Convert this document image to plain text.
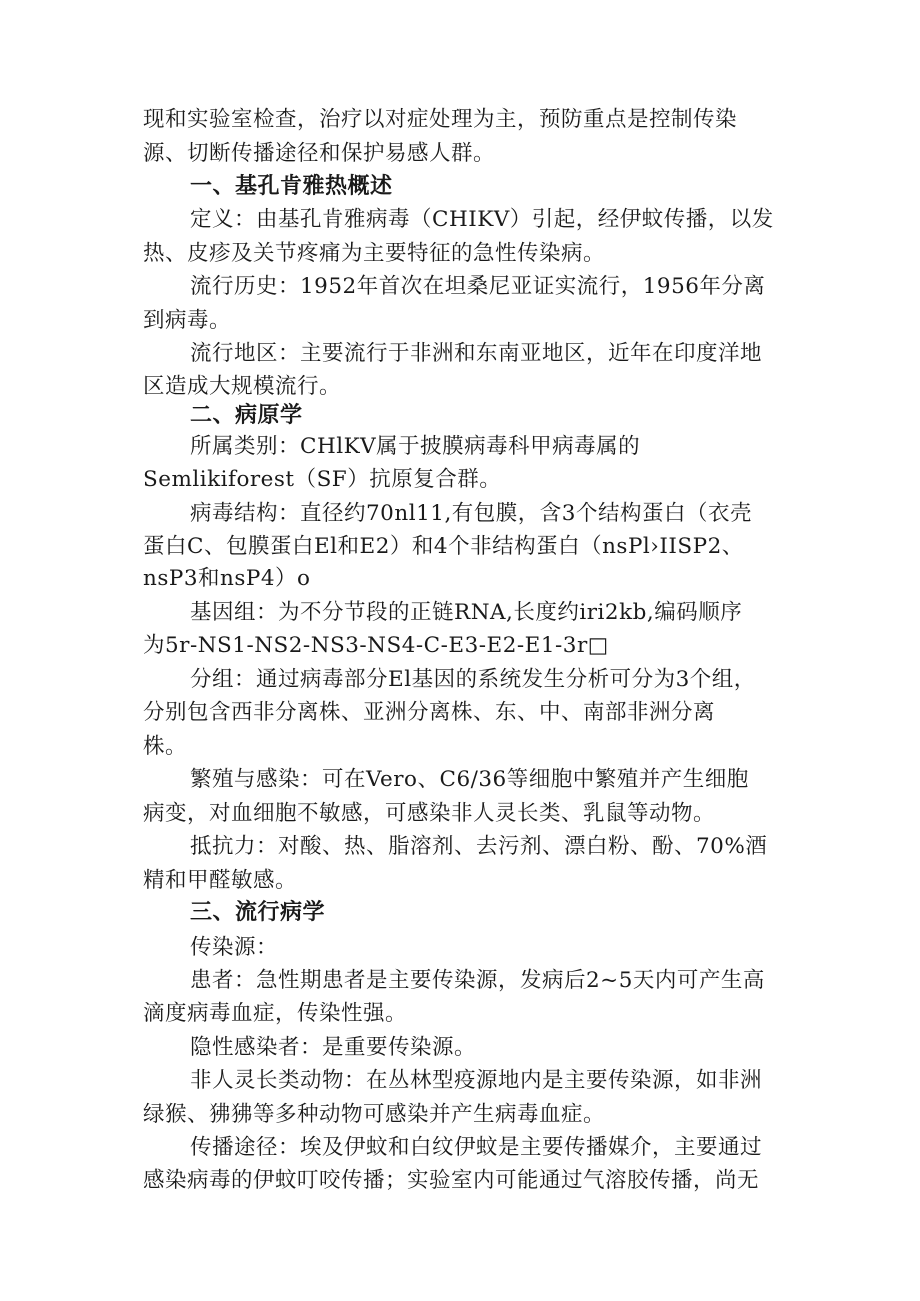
现和实验室检查，治疗以对症处理为主，预防重点是控制传染
源、切断传播途径和保护易感人群。
一、基孔肯雅热概述
定义：由基孔肯雅病毒（CHIKV）引起，经伊蚊传播，以发
热、皮疹及关节疼痛为主要特征的急性传染病。
流行历史：1952年首次在坦桑尼亚证实流行，1956年分离
到病毒。
流行地区：主要流行于非洲和东南亚地区，近年在印度洋地
区造成大规模流行。
二、病原学
所属类别：CHlKV属于披膜病毒科甲病毒属的
Semlikiforest（SF）抗原复合群。
病毒结构：直径约70nl11,有包膜，含3个结构蛋白（衣壳
蛋白C、包膜蛋白El和E2）和4个非结构蛋白（nsPl›IISP2、
nsP3和nsP4）o
基因组：为不分节段的正链RNA,长度约iri2kb,编码顺序
为5r-NS1-NS2-NS3-NS4-C-E3-E2-E1-3r□
分组：通过病毒部分El基因的系统发生分析可分为3个组，
分别包含西非分离株、亚洲分离株、东、中、南部非洲分离
株。
繁殖与感染：可在Vero、C6/36等细胞中繁殖并产生细胞
病变，对血细胞不敏感，可感染非人灵长类、乳鼠等动物。
抵抗力：对酸、热、脂溶剂、去污剂、漂白粉、酚、70%酒
精和甲醛敏感。
三、流行病学
传染源：
患者：急性期患者是主要传染源，发病后2~5天内可产生高
滴度病毒血症，传染性强。
隐性感染者：是重要传染源。
非人灵长类动物：在丛林型疫源地内是主要传染源，如非洲
绿猴、狒狒等多种动物可感染并产生病毒血症。
传播途径：埃及伊蚊和白纹伊蚊是主要传播媒介，主要通过
感染病毒的伊蚊叮咬传播；实验室内可能通过气溶胶传播，尚无
